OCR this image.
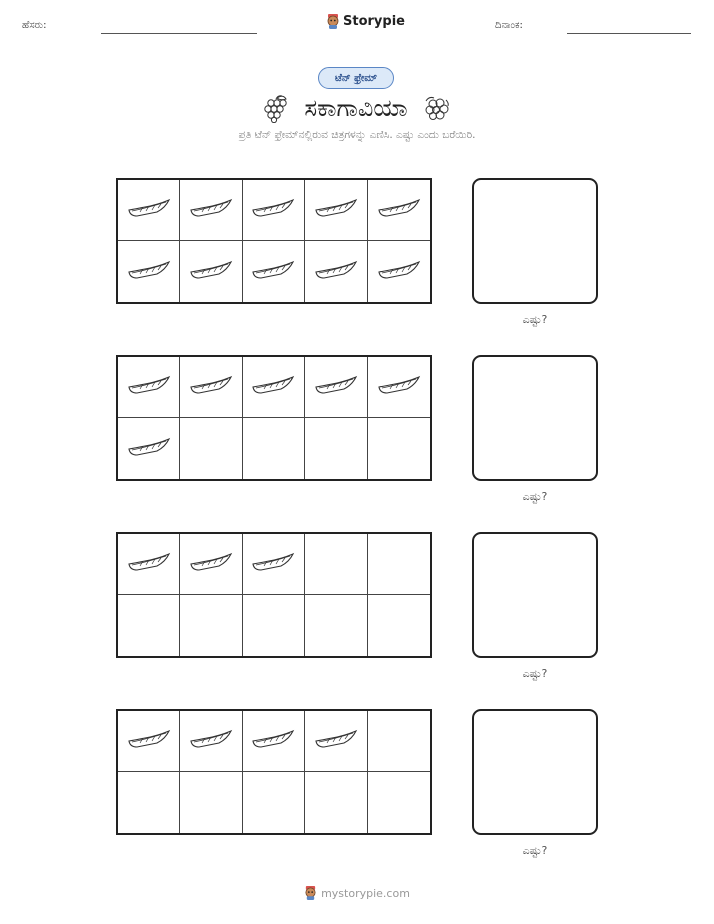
ಹೆಸರು:	Storypie	ದಿನಾಂಕ:
ಟೆನ್ ಫ್ರೇಮ್
ಸಕಾಗಾವಿಯಾ
ಪ್ರತಿ ಟೆನ್ ಫ್ರೇಮ್‌ನಲ್ಲಿರುವ ಚಿತ್ರಗಳನ್ನು ಎಣಿಸಿ. ಎಷ್ಟು ಎಂದು ಬರೆಯಿರಿ.
ಎಷ್ಟು?
ಎಷ್ಟು?
ಎಷ್ಟು?
ಎಷ್ಟು?
mystorypie.com
